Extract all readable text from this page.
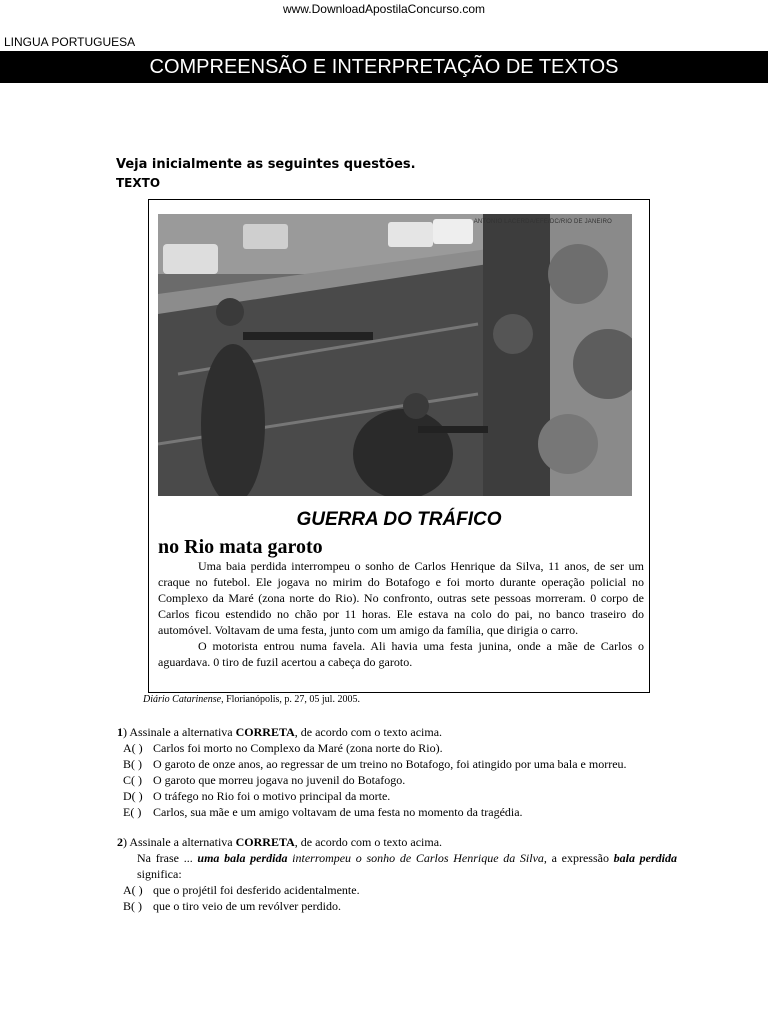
www.DownloadApostilaConcurso.com
LINGUA PORTUGUESA
COMPREENSÃO E INTERPRETAÇÃO DE TEXTOS
Veja inicialmente as seguintes questões.
TEXTO
ANTONIO LACERDA/EFE/DC/RIO DE JANEIRO
GUERRA DO TRÁFICO
no Rio mata garoto

Uma baia perdida interrompeu o sonho de Carlos Henrique da Silva, 11 anos, de ser um craque no futebol. Ele jogava no mirim do Botafogo e foi morto durante operação policial no Complexo da Maré (zona norte do Rio). No confronto, outras sete pessoas morreram. 0 corpo de Carlos ficou estendido no chão por 11 horas. Ele estava na colo do pai, no banco traseiro do automóvel. Voltavam de uma festa, junto com um amigo da família, que dirigia o carro.

O motorista entrou numa favela. Ali havia uma festa junina, onde a mãe de Carlos o aguardava. 0 tiro de fuzil acertou a cabeça do garoto.

Diário Catarinense, Florianópolis, p. 27, 05 jul. 2005.
1) Assinale a alternativa CORRETA, de acordo com o texto acima.
A( ) Carlos foi morto no Complexo da Maré (zona norte do Rio).
B( ) O garoto de onze anos, ao regressar de um treino no Botafogo, foi atingido por uma bala e morreu.
C( ) O garoto que morreu jogava no juvenil do Botafogo.
D( ) O tráfego no Rio foi o motivo principal da morte.
E( ) Carlos, sua mãe e um amigo voltavam de uma festa no momento da tragédia.
2) Assinale a alternativa CORRETA, de acordo com o texto acima.
Na frase ... uma bala perdida interrompeu o sonho de Carlos Henrique da Silva, a expressão bala perdida significa:
A( ) que o projétil foi desferido acidentalmente.
B( ) que o tiro veio de um revólver perdido.
